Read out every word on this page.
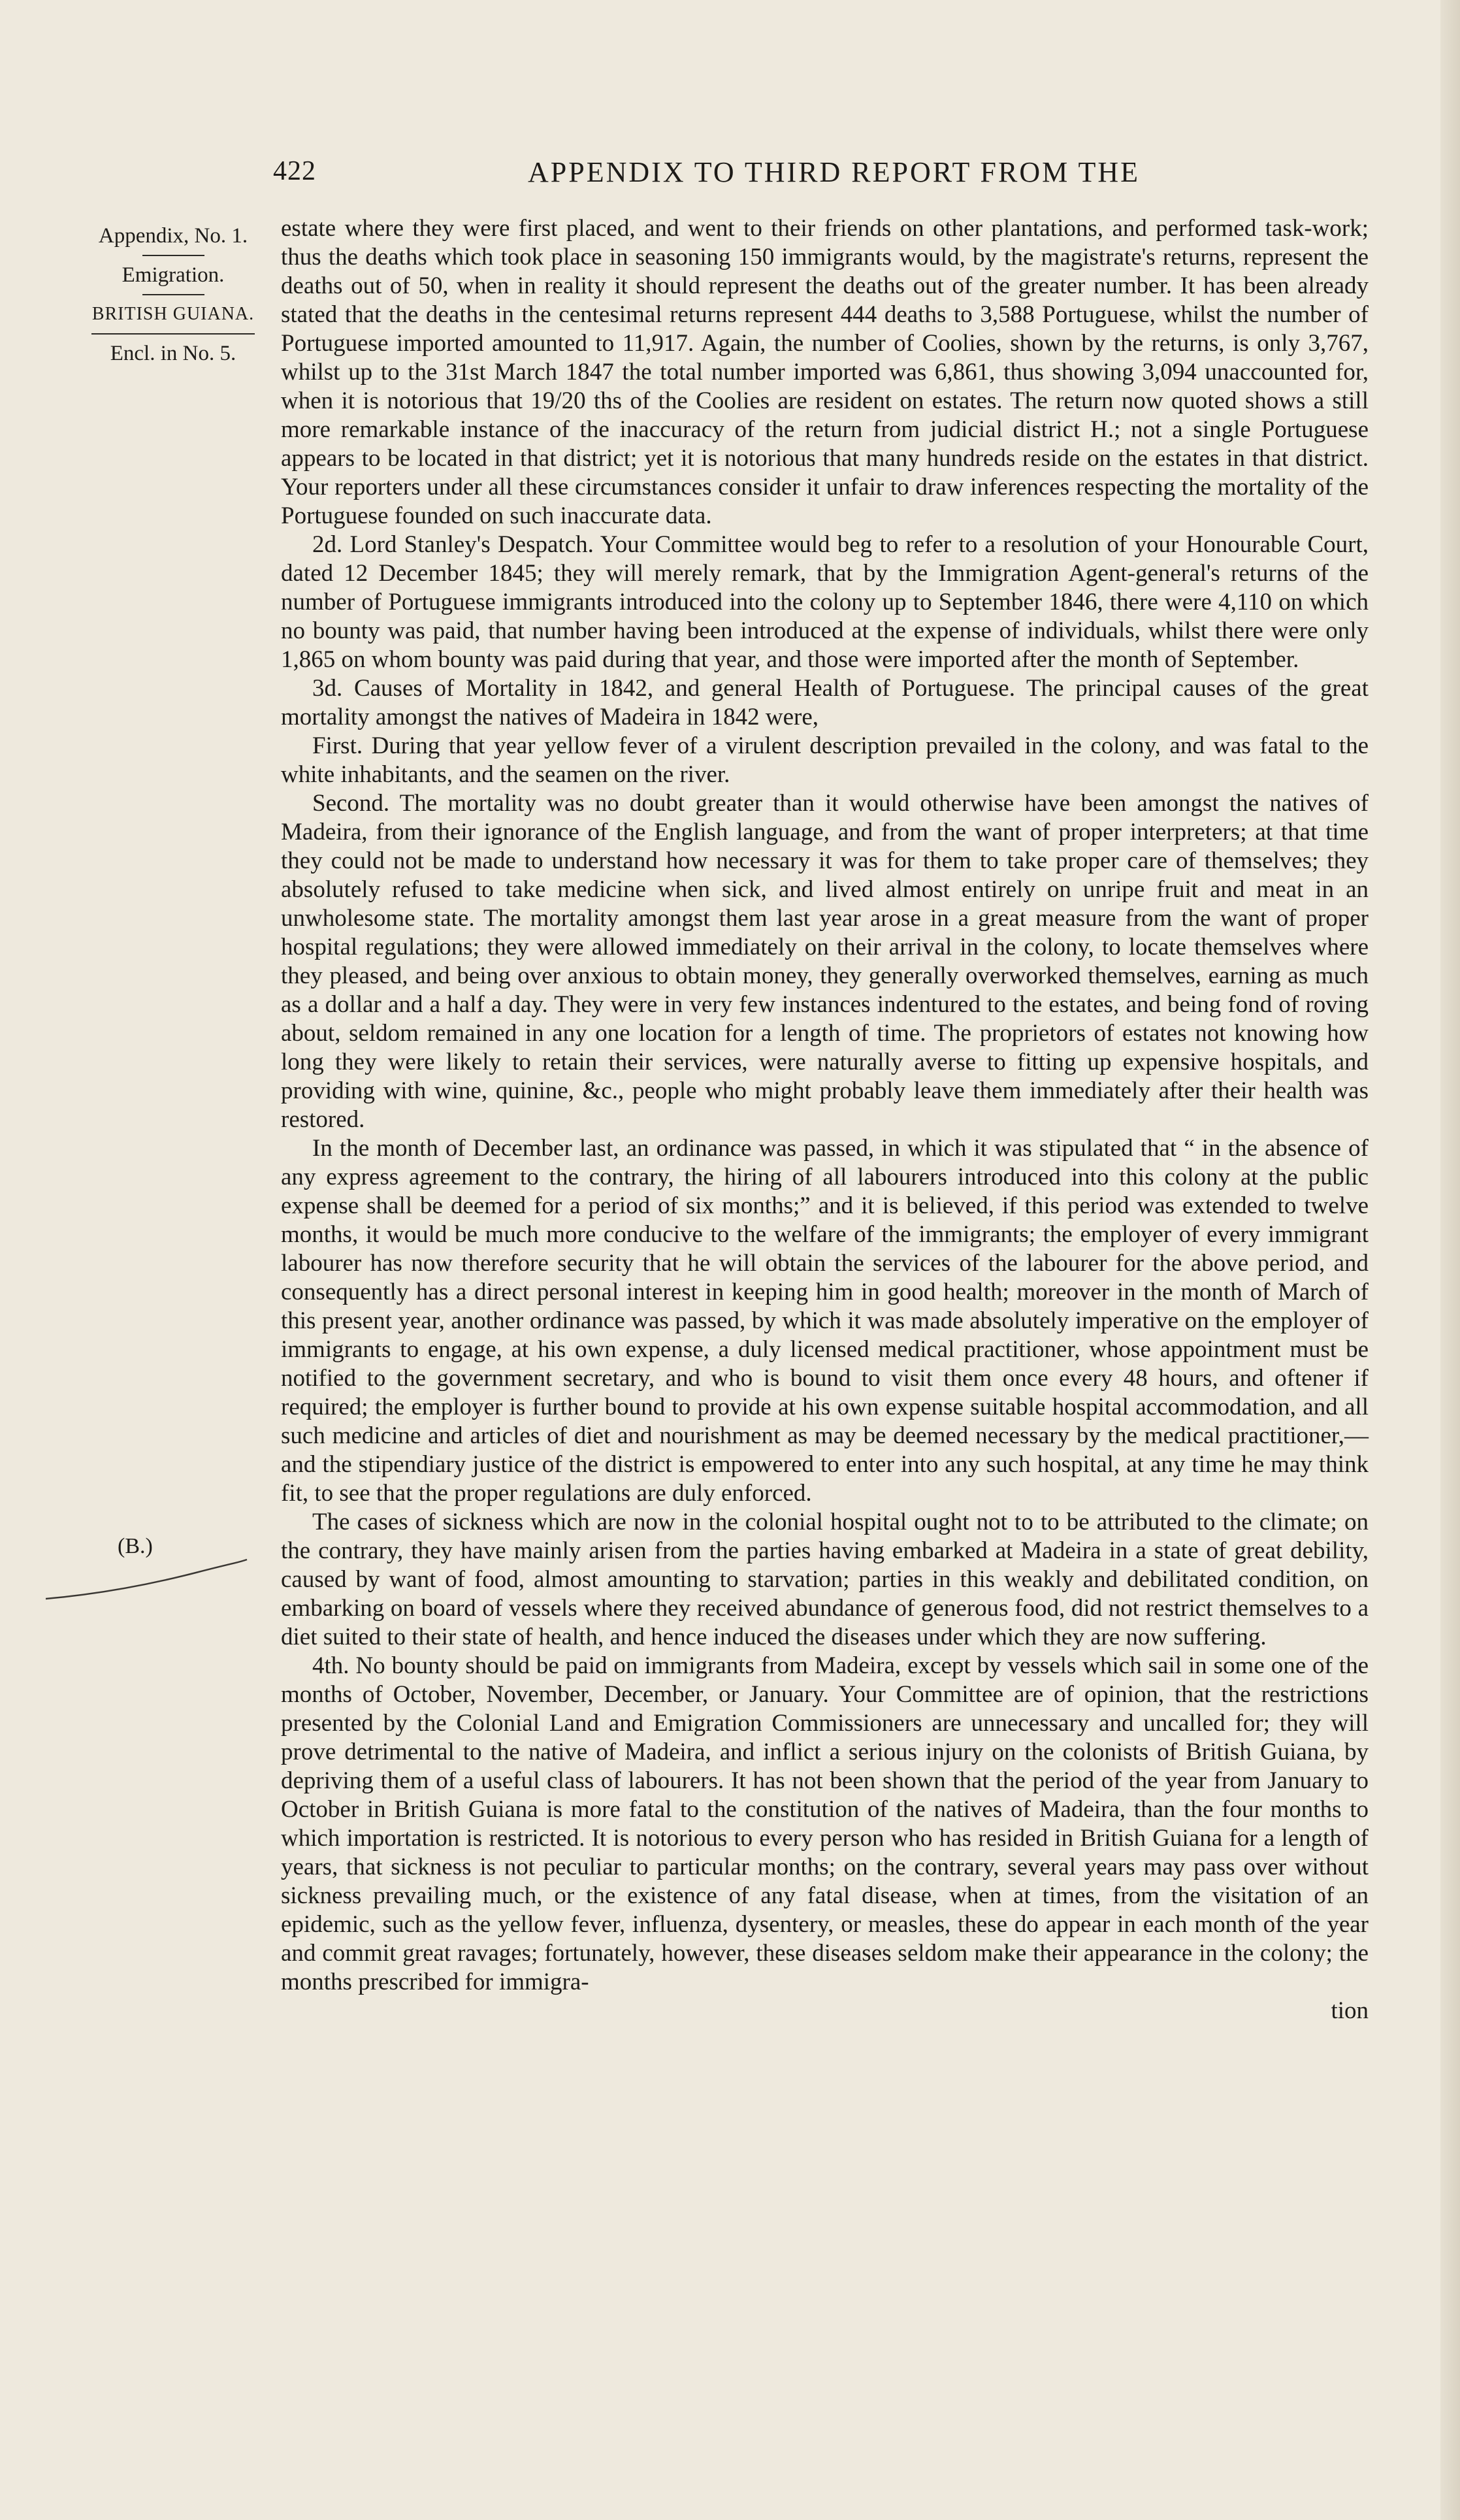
422	APPENDIX TO THIRD REPORT FROM THE
Appendix, No. 1.
Emigration.
BRITISH GUIANA.
Encl. in No. 5.
(B.)

estate where they were first placed, and went to their friends on other plantations, and performed task-work; thus the deaths which took place in seasoning 150 immigrants would, by the magistrate's returns, represent the deaths out of 50, when in reality it should represent the deaths out of the greater number. It has been already stated that the deaths in the centesimal returns represent 444 deaths to 3,588 Portuguese, whilst the number of Portuguese imported amounted to 11,917. Again, the number of Coolies, shown by the returns, is only 3,767, whilst up to the 31st March 1847 the total number imported was 6,861, thus showing 3,094 unaccounted for, when it is notorious that 19/20 ths of the Coolies are resident on estates. The return now quoted shows a still more remarkable instance of the inaccuracy of the return from judicial district H.; not a single Portuguese appears to be located in that district; yet it is notorious that many hundreds reside on the estates in that district. Your reporters under all these circumstances consider it unfair to draw inferences respecting the mortality of the Portuguese founded on such inaccurate data.

2d. Lord Stanley's Despatch. Your Committee would beg to refer to a resolution of your Honourable Court, dated 12 December 1845; they will merely remark, that by the Immigration Agent-general's returns of the number of Portuguese immigrants introduced into the colony up to September 1846, there were 4,110 on which no bounty was paid, that number having been introduced at the expense of individuals, whilst there were only 1,865 on whom bounty was paid during that year, and those were imported after the month of September.

3d. Causes of Mortality in 1842, and general Health of Portuguese. The principal causes of the great mortality amongst the natives of Madeira in 1842 were,

First. During that year yellow fever of a virulent description prevailed in the colony, and was fatal to the white inhabitants, and the seamen on the river.

Second. The mortality was no doubt greater than it would otherwise have been amongst the natives of Madeira, from their ignorance of the English language, and from the want of proper interpreters; at that time they could not be made to understand how necessary it was for them to take proper care of themselves; they absolutely refused to take medicine when sick, and lived almost entirely on unripe fruit and meat in an unwholesome state. The mortality amongst them last year arose in a great measure from the want of proper hospital regulations; they were allowed immediately on their arrival in the colony, to locate themselves where they pleased, and being over anxious to obtain money, they generally overworked themselves, earning as much as a dollar and a half a day. They were in very few instances indentured to the estates, and being fond of roving about, seldom remained in any one location for a length of time. The proprietors of estates not knowing how long they were likely to retain their services, were naturally averse to fitting up expensive hospitals, and providing with wine, quinine, &c., people who might probably leave them immediately after their health was restored.

In the month of December last, an ordinance was passed, in which it was stipulated that “ in the absence of any express agreement to the contrary, the hiring of all labourers introduced into this colony at the public expense shall be deemed for a period of six months;” and it is believed, if this period was extended to twelve months, it would be much more conducive to the welfare of the immigrants; the employer of every immigrant labourer has now therefore security that he will obtain the services of the labourer for the above period, and consequently has a direct personal interest in keeping him in good health; moreover in the month of March of this present year, another ordinance was passed, by which it was made absolutely imperative on the employer of immigrants to engage, at his own expense, a duly licensed medical practitioner, whose appointment must be notified to the government secretary, and who is bound to visit them once every 48 hours, and oftener if required; the employer is further bound to provide at his own expense suitable hospital accommodation, and all such medicine and articles of diet and nourishment as may be deemed necessary by the medical practitioner,—and the stipendiary justice of the district is empowered to enter into any such hospital, at any time he may think fit, to see that the proper regulations are duly enforced.

The cases of sickness which are now in the colonial hospital ought not to to be attributed to the climate; on the contrary, they have mainly arisen from the parties having embarked at Madeira in a state of great debility, caused by want of food, almost amounting to starvation; parties in this weakly and debilitated condition, on embarking on board of vessels where they received abundance of generous food, did not restrict themselves to a diet suited to their state of health, and hence induced the diseases under which they are now suffering.

4th. No bounty should be paid on immigrants from Madeira, except by vessels which sail in some one of the months of October, November, December, or January. Your Committee are of opinion, that the restrictions presented by the Colonial Land and Emigration Commissioners are unnecessary and uncalled for; they will prove detrimental to the native of Madeira, and inflict a serious injury on the colonists of British Guiana, by depriving them of a useful class of labourers. It has not been shown that the period of the year from January to October in British Guiana is more fatal to the constitution of the natives of Madeira, than the four months to which importation is restricted. It is notorious to every person who has resided in British Guiana for a length of years, that sickness is not peculiar to particular months; on the contrary, several years may pass over without sickness prevailing much, or the existence of any fatal disease, when at times, from the visitation of an epidemic, such as the yellow fever, influenza, dysentery, or measles, these do appear in each month of the year and commit great ravages; fortunately, however, these diseases seldom make their appearance in the colony; the months prescribed for immigra-

tion
